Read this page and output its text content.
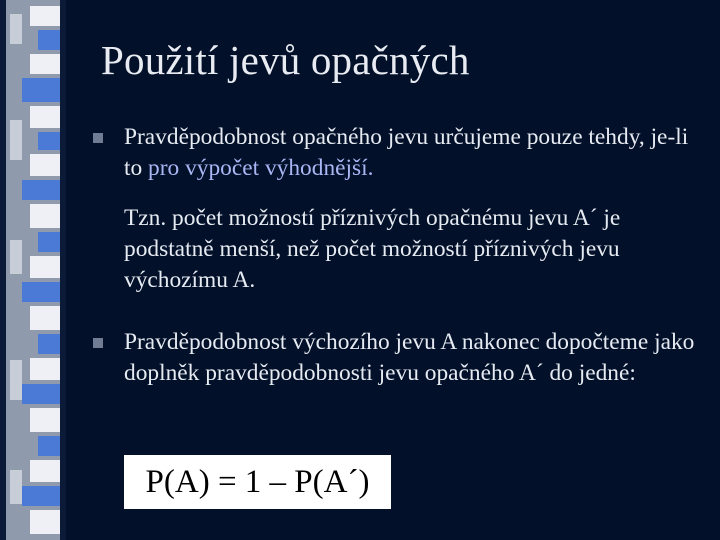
Použití jevů opačných
Pravděpodobnost opačného jevu určujeme pouze tehdy, je-li to pro výpočet výhodnější.
Tzn. počet možností příznivých opačnému jevu A´ je podstatně menší, než počet možností příznivých jevu výchozímu A.
Pravděpodobnost výchozího jevu A nakonec dopočteme jako doplněk pravděpodobnosti jevu opačného A´ do jedné:
P(A) = 1 – P(A´)
